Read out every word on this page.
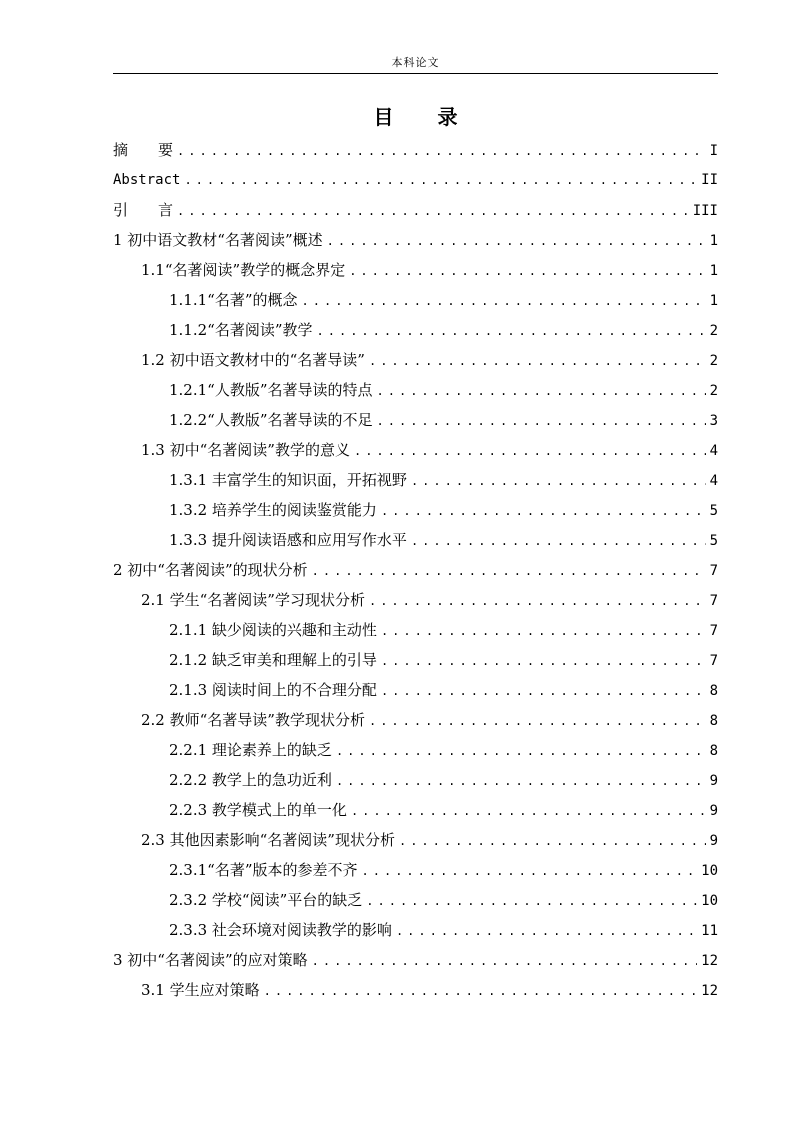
本科论文
目 录
摘　　要 .....	I
Abstract .....	II
引　　言 .....	III
1 初中语文教材“名著阅读”概述 .....	1
1.1“名著阅读”教学的概念界定 .....	1
1.1.1“名著”的概念 .....	1
1.1.2“名著阅读”教学 .....	2
1.2 初中语文教材中的“名著导读” .....	2
1.2.1“人教版”名著导读的特点 .....	2
1.2.2“人教版”名著导读的不足 .....	3
1.3 初中“名著阅读”教学的意义 .....	4
1.3.1 丰富学生的知识面，开拓视野 .....	4
1.3.2 培养学生的阅读鉴赏能力 .....	5
1.3.3 提升阅读语感和应用写作水平 .....	5
2 初中“名著阅读”的现状分析 .....	7
2.1 学生“名著阅读”学习现状分析 .....	7
2.1.1 缺少阅读的兴趣和主动性 .....	7
2.1.2 缺乏审美和理解上的引导 .....	7
2.1.3 阅读时间上的不合理分配 .....	8
2.2 教师“名著导读”教学现状分析 .....	8
2.2.1 理论素养上的缺乏 .....	8
2.2.2 教学上的急功近利 .....	9
2.2.3 教学模式上的单一化 .....	9
2.3 其他因素影响“名著阅读”现状分析 .....	9
2.3.1“名著”版本的参差不齐 .....	10
2.3.2 学校“阅读”平台的缺乏 .....	10
2.3.3 社会环境对阅读教学的影响 .....	11
3 初中“名著阅读”的应对策略 .....	12
3.1 学生应对策略 .....	12
